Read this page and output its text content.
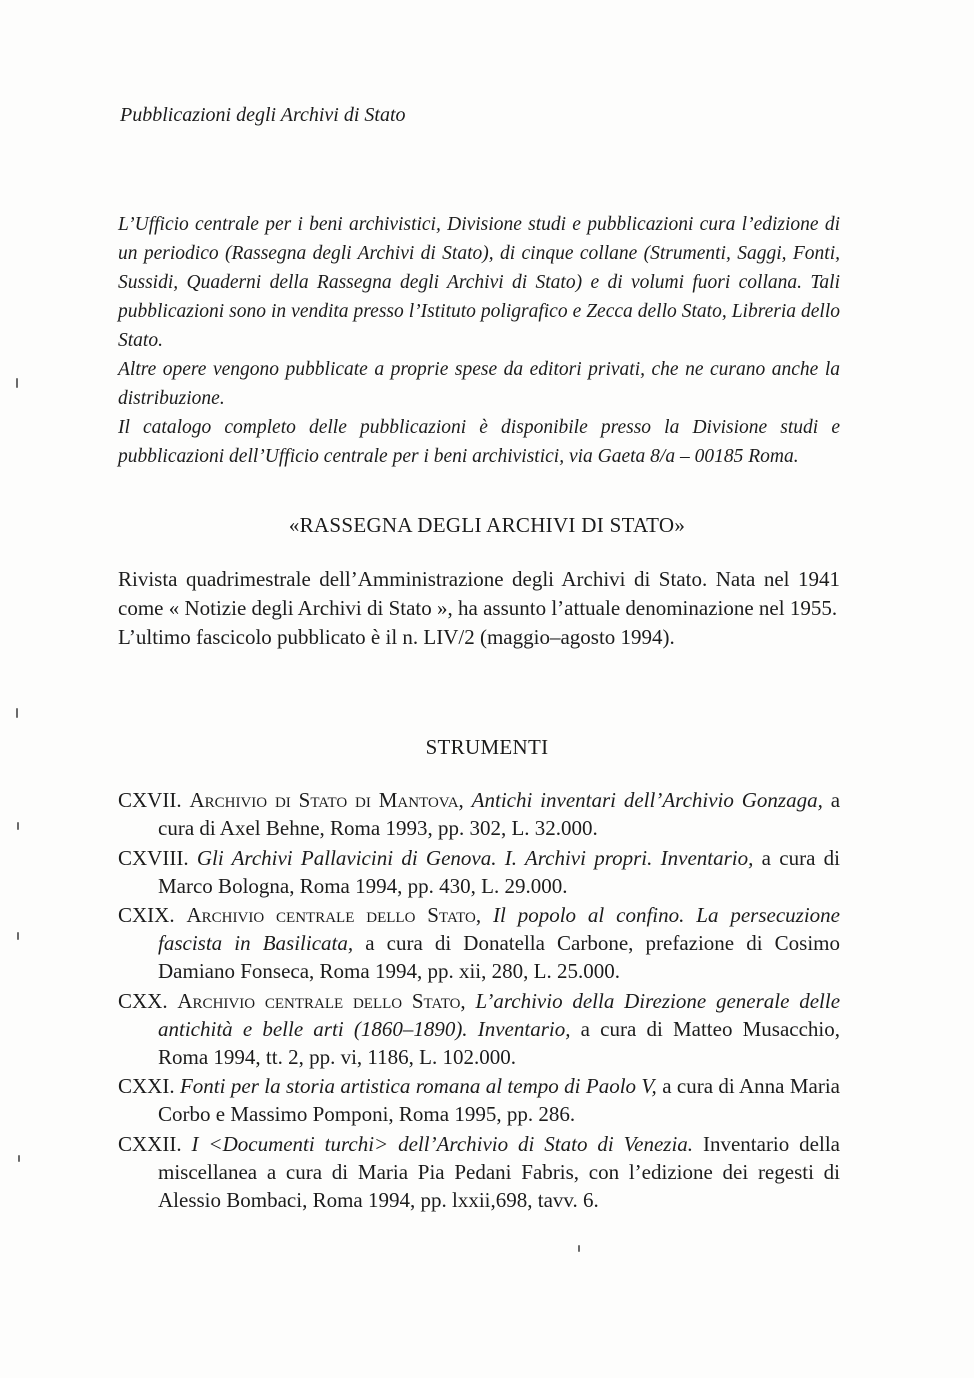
Pubblicazioni degli Archivi di Stato

L’Ufficio centrale per i beni archivistici, Divisione studi e pubblicazioni cura l’edizione di un periodico (Rassegna degli Archivi di Stato), di cinque collane (Strumenti, Saggi, Fonti, Sussidi, Quaderni della Rassegna degli Archivi di Stato) e di volumi fuori collana. Tali pubblicazioni sono in vendita presso l’Istituto poligrafico e Zecca dello Stato, Libreria dello Stato.

Altre opere vengono pubblicate a proprie spese da editori privati, che ne curano anche la distribuzione.

Il catalogo completo delle pubblicazioni è disponibile presso la Divisione studi e pubblicazioni dell’Ufficio centrale per i beni archivistici, via Gaeta 8/a – 00185 Roma.

«RASSEGNA DEGLI ARCHIVI DI STATO»

Rivista quadrimestrale dell’Amministrazione degli Archivi di Stato. Nata nel 1941 come « Notizie degli Archivi di Stato », ha assunto l’attuale denominazione nel 1955.

L’ultimo fascicolo pubblicato è il n. LIV/2 (maggio–agosto 1994).

STRUMENTI

CXVII. Archivio di Stato di Mantova, Antichi inventari dell’Archivio Gonzaga, a cura di Axel Behne, Roma 1993, pp. 302, L. 32.000.

CXVIII. Gli Archivi Pallavicini di Genova. I. Archivi propri. Inventario, a cura di Marco Bologna, Roma 1994, pp. 430, L. 29.000.

CXIX. Archivio centrale dello Stato, Il popolo al confino. La persecuzione fascista in Basilicata, a cura di Donatella Carbone, prefazione di Cosimo Damiano Fonseca, Roma 1994, pp. xii, 280, L. 25.000.

CXX. Archivio centrale dello Stato, L’archivio della Direzione generale delle antichità e belle arti (1860–1890). Inventario, a cura di Matteo Musacchio, Roma 1994, tt. 2, pp. vi, 1186, L. 102.000.

CXXI. Fonti per la storia artistica romana al tempo di Paolo V, a cura di Anna Maria Corbo e Massimo Pomponi, Roma 1995, pp. 286.

CXXII. I <Documenti turchi> dell’Archivio di Stato di Venezia. Inventario della miscellanea a cura di Maria Pia Pedani Fabris, con l’edizione dei regesti di Alessio Bombaci, Roma 1994, pp. lxxii,698, tavv. 6.
